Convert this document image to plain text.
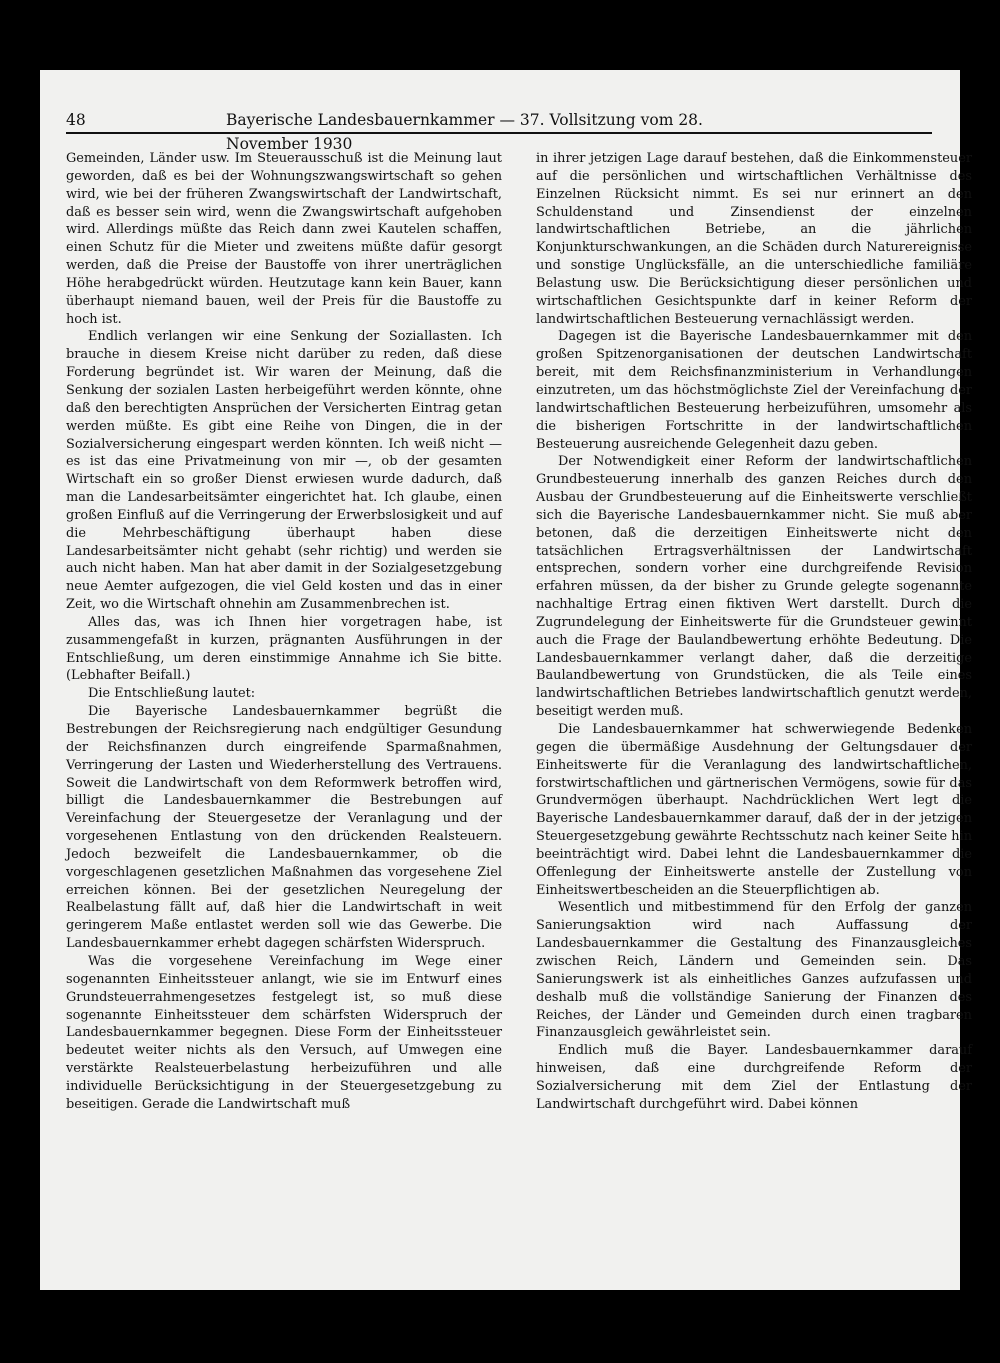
48	Bayerische Landesbauernkammer — 37. Vollsitzung vom 28. November 1930

Gemeinden, Länder usw. Im Steuerausschuß ist die Meinung laut geworden, daß es bei der Wohnungszwangswirtschaft so gehen wird, wie bei der früheren Zwangswirtschaft der Landwirtschaft, daß es besser sein wird, wenn die Zwangswirtschaft aufgehoben wird. Allerdings müßte das Reich dann zwei Kautelen schaffen, einen Schutz für die Mieter und zweitens müßte dafür gesorgt werden, daß die Preise der Baustoffe von ihrer unerträglichen Höhe herabgedrückt würden. Heutzutage kann kein Bauer, kann überhaupt niemand bauen, weil der Preis für die Baustoffe zu hoch ist.

Endlich verlangen wir eine Senkung der Soziallasten. Ich brauche in diesem Kreise nicht darüber zu reden, daß diese Forderung begründet ist. Wir waren der Meinung, daß die Senkung der sozialen Lasten herbeigeführt werden könnte, ohne daß den berechtigten Ansprüchen der Versicherten Eintrag getan werden müßte. Es gibt eine Reihe von Dingen, die in der Sozialversicherung eingespart werden könnten. Ich weiß nicht — es ist das eine Privatmeinung von mir —, ob der gesamten Wirtschaft ein so großer Dienst erwiesen wurde dadurch, daß man die Landesarbeitsämter eingerichtet hat. Ich glaube, einen großen Einfluß auf die Verringerung der Erwerbslosigkeit und auf die Mehrbeschäftigung überhaupt haben diese Landesarbeitsämter nicht gehabt (sehr richtig) und werden sie auch nicht haben. Man hat aber damit in der Sozialgesetzgebung neue Aemter aufgezogen, die viel Geld kosten und das in einer Zeit, wo die Wirtschaft ohnehin am Zusammenbrechen ist.

Alles das, was ich Ihnen hier vorgetragen habe, ist zusammengefaßt in kurzen, prägnanten Ausführungen in der Entschließung, um deren einstimmige Annahme ich Sie bitte. (Lebhafter Beifall.)

Die Entschließung lautet:

Die Bayerische Landesbauernkammer begrüßt die Bestrebungen der Reichsregierung nach endgültiger Gesundung der Reichsfinanzen durch eingreifende Sparmaßnahmen, Verringerung der Lasten und Wiederherstellung des Vertrauens. Soweit die Landwirtschaft von dem Reformwerk betroffen wird, billigt die Landesbauernkammer die Bestrebungen auf Vereinfachung der Steuergesetze der Veranlagung und der vorgesehenen Entlastung von den drückenden Realsteuern. Jedoch bezweifelt die Landesbauernkammer, ob die vorgeschlagenen gesetzlichen Maßnahmen das vorgesehene Ziel erreichen können. Bei der gesetzlichen Neuregelung der Realbelastung fällt auf, daß hier die Landwirtschaft in weit geringerem Maße entlastet werden soll wie das Gewerbe. Die Landesbauernkammer erhebt dagegen schärfsten Widerspruch.

Was die vorgesehene Vereinfachung im Wege einer sogenannten Einheitssteuer anlangt, wie sie im Entwurf eines Grundsteuerrahmengesetzes festgelegt ist, so muß diese sogenannte Einheitssteuer dem schärfsten Widerspruch der Landesbauernkammer begegnen. Diese Form der Einheitssteuer bedeutet weiter nichts als den Versuch, auf Umwegen eine verstärkte Realsteuerbelastung herbeizuführen und alle individuelle Berücksichtigung in der Steuergesetzgebung zu beseitigen. Gerade die Landwirtschaft muß

in ihrer jetzigen Lage darauf bestehen, daß die Einkommensteuer auf die persönlichen und wirtschaftlichen Verhältnisse des Einzelnen Rücksicht nimmt. Es sei nur erinnert an den Schuldenstand und Zinsendienst der einzelnen landwirtschaftlichen Betriebe, an die jährlichen Konjunkturschwankungen, an die Schäden durch Naturereignisse und sonstige Unglücksfälle, an die unterschiedliche familiäre Belastung usw. Die Berücksichtigung dieser persönlichen und wirtschaftlichen Gesichtspunkte darf in keiner Reform der landwirtschaftlichen Besteuerung vernachlässigt werden.

Dagegen ist die Bayerische Landesbauernkammer mit den großen Spitzenorganisationen der deutschen Landwirtschaft bereit, mit dem Reichsfinanzministerium in Verhandlungen einzutreten, um das höchstmöglichste Ziel der Vereinfachung der landwirtschaftlichen Besteuerung herbeizuführen, umsomehr als die bisherigen Fortschritte in der landwirtschaftlichen Besteuerung ausreichende Gelegenheit dazu geben.

Der Notwendigkeit einer Reform der landwirtschaftlichen Grundbesteuerung innerhalb des ganzen Reiches durch den Ausbau der Grundbesteuerung auf die Einheitswerte verschließt sich die Bayerische Landesbauernkammer nicht. Sie muß aber betonen, daß die derzeitigen Einheitswerte nicht den tatsächlichen Ertragsverhältnissen der Landwirtschaft entsprechen, sondern vorher eine durchgreifende Revision erfahren müssen, da der bisher zu Grunde gelegte sogenannte nachhaltige Ertrag einen fiktiven Wert darstellt. Durch die Zugrundelegung der Einheitswerte für die Grundsteuer gewinnt auch die Frage der Baulandbewertung erhöhte Bedeutung. Die Landesbauernkammer verlangt daher, daß die derzeitige Baulandbewertung von Grundstücken, die als Teile eines landwirtschaftlichen Betriebes landwirtschaftlich genutzt werden, beseitigt werden muß.

Die Landesbauernkammer hat schwerwiegende Bedenken gegen die übermäßige Ausdehnung der Geltungsdauer der Einheitswerte für die Veranlagung des landwirtschaftlichen, forstwirtschaftlichen und gärtnerischen Vermögens, sowie für das Grundvermögen überhaupt. Nachdrücklichen Wert legt die Bayerische Landesbauernkammer darauf, daß der in der jetzigen Steuergesetzgebung gewährte Rechtsschutz nach keiner Seite hin beeinträchtigt wird. Dabei lehnt die Landesbauernkammer die Offenlegung der Einheitswerte anstelle der Zustellung von Einheitswertbescheiden an die Steuerpflichtigen ab.

Wesentlich und mitbestimmend für den Erfolg der ganzen Sanierungsaktion wird nach Auffassung der Landesbauernkammer die Gestaltung des Finanzausgleiches zwischen Reich, Ländern und Gemeinden sein. Das Sanierungswerk ist als einheitliches Ganzes aufzufassen und deshalb muß die vollständige Sanierung der Finanzen des Reiches, der Länder und Gemeinden durch einen tragbaren Finanzausgleich gewährleistet sein.

Endlich muß die Bayer. Landesbauernkammer darauf hinweisen, daß eine durchgreifende Reform der Sozialversicherung mit dem Ziel der Entlastung der Landwirtschaft durchgeführt wird. Dabei können
